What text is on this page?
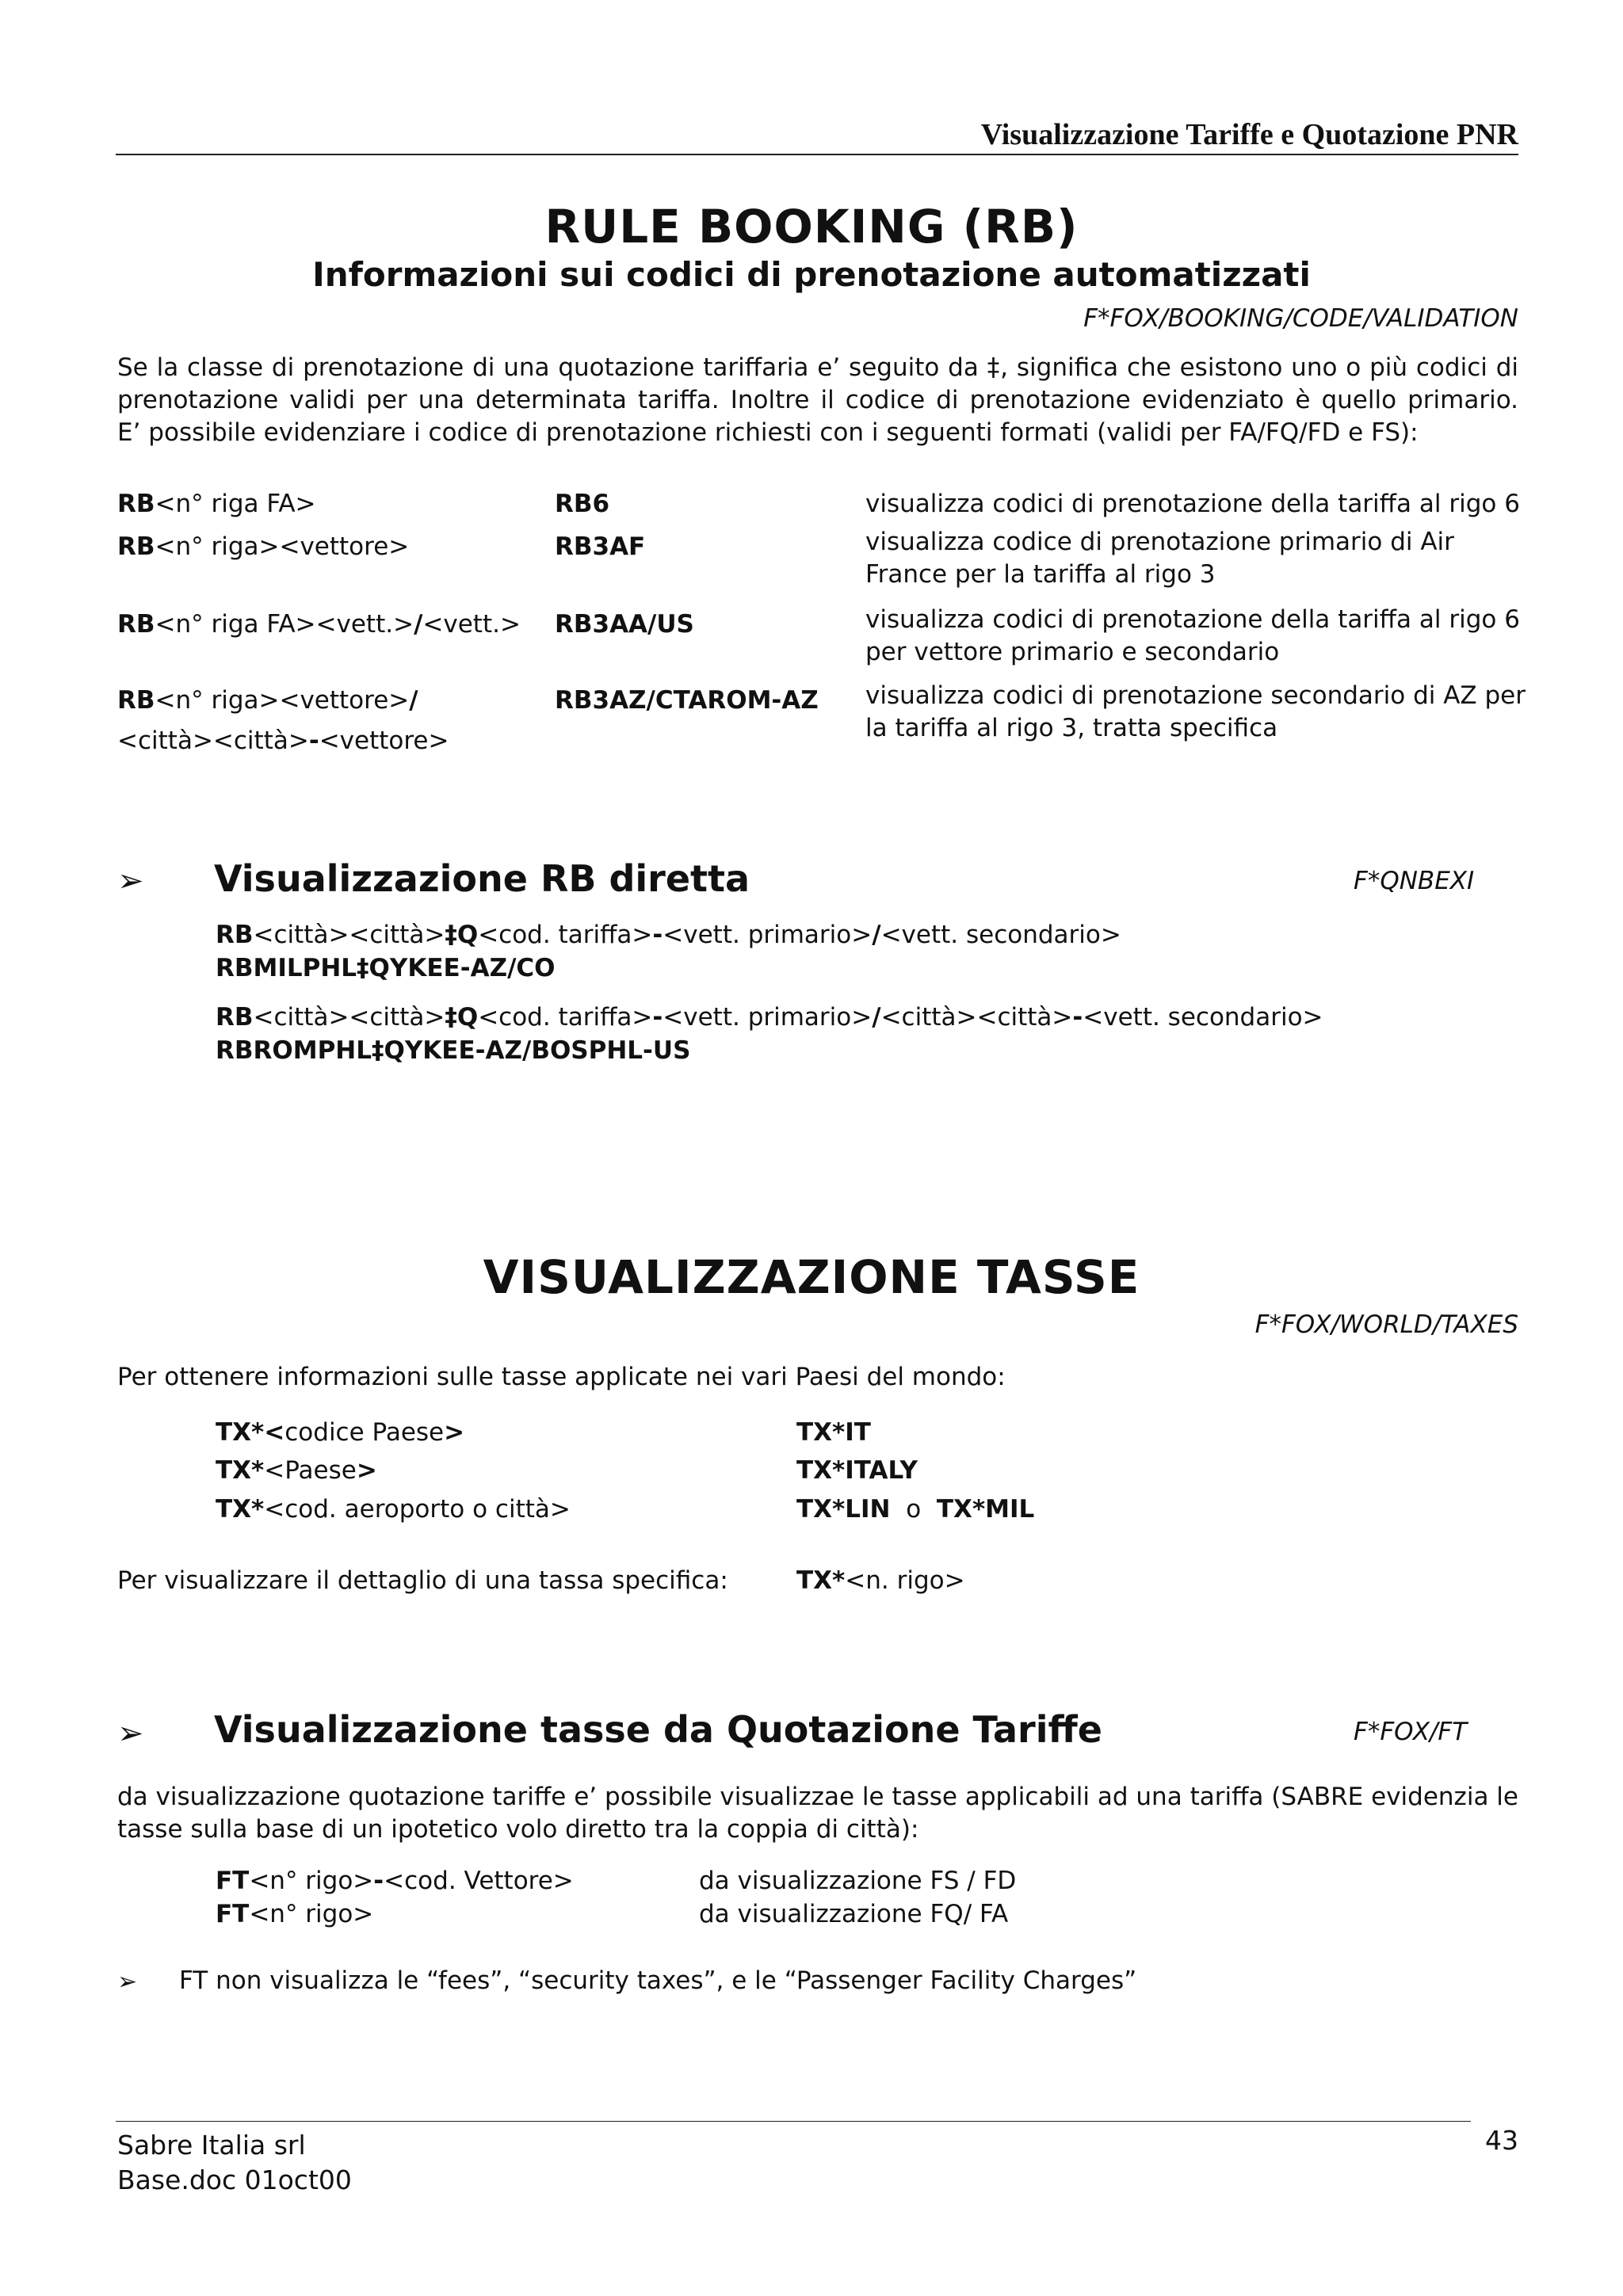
Visualizzazione Tariffe e Quotazione PNR
RULE BOOKING (RB)
Informazioni sui codici di prenotazione automatizzati
F*FOX/BOOKING/CODE/VALIDATION
Se la classe di prenotazione di una quotazione tariffaria e’ seguito da ‡, significa che esistono uno o più codici di
prenotazione validi per una determinata tariffa. Inoltre il codice di prenotazione evidenziato è quello primario.
E’ possibile evidenziare i codice di prenotazione richiesti con i seguenti formati (validi per FA/FQ/FD e FS):
RB<n° riga FA>	RB6	visualizza codici di prenotazione della tariffa al rigo 6
RB<n° riga><vettore>	RB3AF	visualizza codice di prenotazione primario di Air
France per la tariffa al rigo 3
RB<n° riga FA><vett.>/<vett.> RB3AA/US	visualizza codici di prenotazione della tariffa al rigo 6
per vettore primario e secondario
RB<n° riga><vettore>/
<città><città>-<vettore>
RB3AZ/CTAROM-AZ visualizza codici di prenotazione secondario di AZ per
la tariffa al rigo 3, tratta specifica
➢ Visualizzazione RB diretta	F*QNBEXI
RB<città><città>‡Q<cod. tariffa>-<vett. primario>/<vett. secondario>
RBMILPHL‡QYKEE-AZ/CO
RB<città><città>‡Q<cod. tariffa>-<vett. primario>/<città><città>-<vett. secondario>
RBROMPHL‡QYKEE-AZ/BOSPHL-US
VISUALIZZAZIONE TASSE
F*FOX/WORLD/TAXES
Per ottenere informazioni sulle tasse applicate nei vari Paesi del mondo:
TX*<codice Paese>	TX*IT
TX*<Paese>	TX*ITALY
TX*<cod. aeroporto o città>	TX*LIN o TX*MIL
Per visualizzare il dettaglio di una tassa specifica:	TX*<n. rigo>
➢ Visualizzazione tasse da Quotazione Tariffe	F*FOX/FT
da visualizzazione quotazione tariffe e’ possibile visualizzae le tasse applicabili ad una tariffa (SABRE evidenzia le
tasse sulla base di un ipotetico volo diretto tra la coppia di città):
FT<n° rigo>-<cod. Vettore>	da visualizzazione FS / FD
FT<n° rigo>	da visualizzazione FQ/ FA
➢ FT non visualizza le “fees”, “security taxes”, e le “Passenger Facility Charges”
Sabre Italia srl
Base.doc 01oct00
43
